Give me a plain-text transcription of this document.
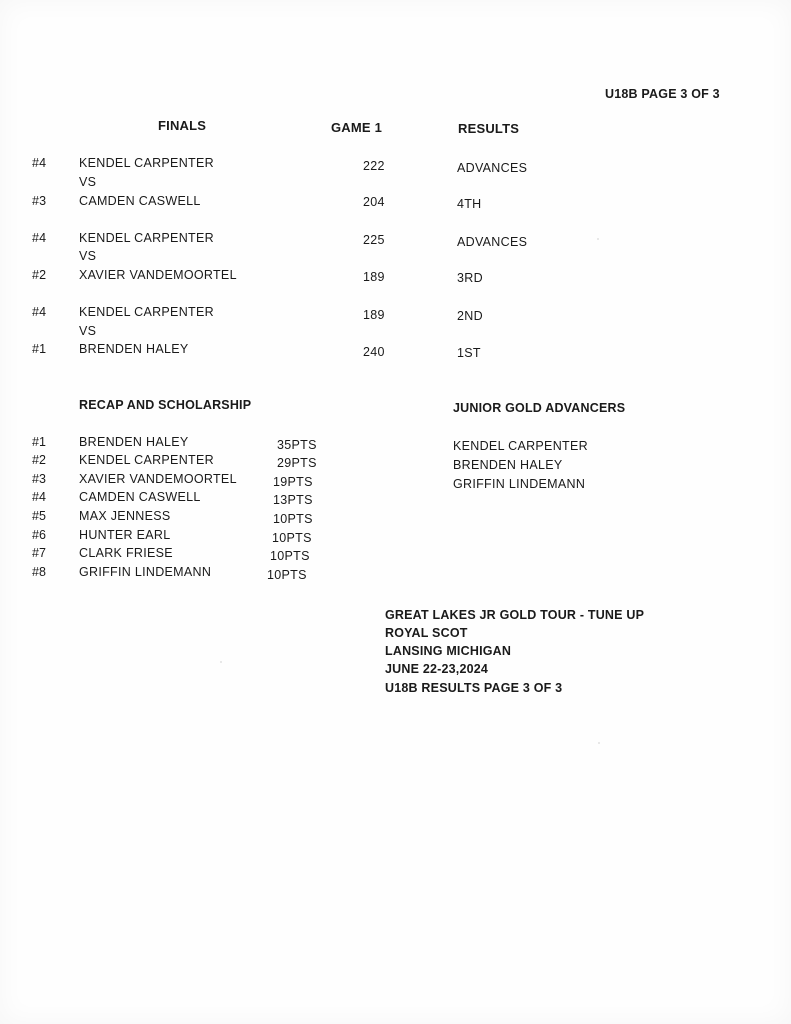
U18B PAGE 3 OF 3
FINALS	GAME 1	RESULTS
#4	KENDEL CARPENTER	222	ADVANCES
VS
#3	CAMDEN CASWELL	204	4TH
#4	KENDEL CARPENTER	225	ADVANCES
VS
#2	XAVIER VANDEMOORTEL	189	3RD
#4	KENDEL CARPENTER	189	2ND
VS
#1	BRENDEN HALEY	240	1ST
RECAP AND SCHOLARSHIP
#1	BRENDEN HALEY	35PTS
#2	KENDEL CARPENTER	29PTS
#3	XAVIER VANDEMOORTEL	19PTS
#4	CAMDEN CASWELL	13PTS
#5	MAX JENNESS	10PTS
#6	HUNTER EARL	10PTS
#7	CLARK FRIESE	10PTS
#8	GRIFFIN LINDEMANN	10PTS
JUNIOR GOLD ADVANCERS
KENDEL CARPENTER
BRENDEN HALEY
GRIFFIN LINDEMANN
GREAT LAKES JR GOLD TOUR - TUNE UP
ROYAL SCOT
LANSING MICHIGAN
JUNE 22-23,2024
U18B RESULTS PAGE 3 OF 3
